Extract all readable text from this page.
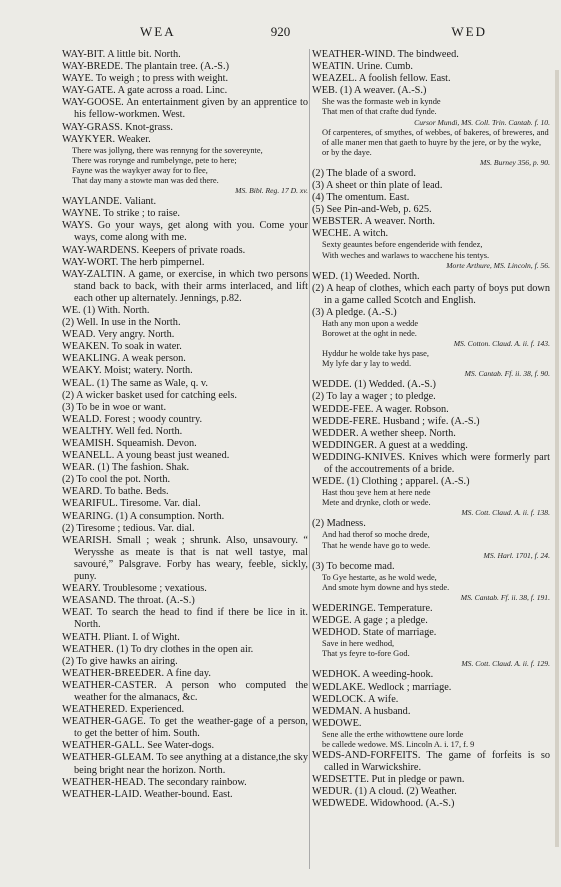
WEA	920	WED
WAY-BIT. A little bit. North.
WAY-BREDE. The plantain tree. (A.-S.)
WAYE. To weigh ; to press with weight.
WAY-GATE. A gate across a road. Linc.
WAY-GOOSE. An entertainment given by an apprentice to his fellow-workmen. West.
WAY-GRASS. Knot-grass.
WAYKYER. Weaker.
There was jollyng, there was rennyng for the sovereynte,
There was rorynge and rumbelynge, pete to here;
Fayne was the waykyer away for to flee,
That day many a stowte man was ded there.
MS. Bibl. Reg. 17 D. xv.
WAYLANDE. Valiant.
WAYNE. To strike ; to raise.
WAYS. Go your ways, get along with you. Come your ways, come along with me.
WAY-WARDENS. Keepers of private roads.
WAY-WORT. The herb pimpernel.
WAY-ZALTIN. A game, or exercise, in which two persons stand back to back, with their arms interlaced, and lift each other up alternately. Jennings, p.82.
WE. (1) With. North.
(2) Well. In use in the North.
WEAD. Very angry. North.
WEAKEN. To soak in water.
WEAKLING. A weak person.
WEAKY. Moist; watery. North.
WEAL. (1) The same as Wale, q. v.
(2) A wicker basket used for catching eels.
(3) To be in woe or want.
WEALD. Forest ; woody country.
WEALTHY. Well fed. North.
WEAMISH. Squeamish. Devon.
WEANELL. A young beast just weaned.
WEAR. (1) The fashion. Shak.
(2) To cool the pot. North.
WEARD. To bathe. Beds.
WEARIFUL. Tiresome. Var. dial.
WEARING. (1) A consumption. North.
(2) Tiresome ; tedious. Var. dial.
WEARISH. Small ; weak ; shrunk. Also, unsavoury. “ Werysshe as meate is that is nat well tastye, mal savouré,” Palsgrave. Forby has weary, feeble, sickly, puny.
WEARY. Troublesome ; vexatious.
WEASAND. The throat. (A.-S.)
WEAT. To search the head to find if there be lice in it. North.
WEATH. Pliant. I. of Wight.
WEATHER. (1) To dry clothes in the open air.
(2) To give hawks an airing.
WEATHER-BREEDER. A fine day.
WEATHER-CASTER. A person who computed the weather for the almanacs, &c.
WEATHERED. Experienced.
WEATHER-GAGE. To get the weather-gage of a person, to get the better of him. South.
WEATHER-GALL. See Water-dogs.
WEATHER-GLEAM. To see anything at a distance,the sky being bright near the horizon. North.
WEATHER-HEAD. The secondary rainbow.
WEATHER-LAID. Weather-bound. East.
WEATHER-WIND. The bindweed.
WEATIN. Urine. Cumb.
WEAZEL. A foolish fellow. East.
WEB. (1) A weaver. (A.-S.)
She was the formaste web in kynde
That men of that crafte dud fynde.
Cursor Mundi, MS. Coll. Trin. Cantab. f. 10.
Of carpenteres, of smythes, of webbes, of bakeres, of breweres, and of alle maner men that gaeth to huyre by the jere, or by the wyke, or by the daye.
MS. Burney 356, p. 90.
(2) The blade of a sword.
(3) A sheet or thin plate of lead.
(4) The omentum. East.
(5) See Pin-and-Web, p. 625.
WEBSTER. A weaver. North.
WECHE. A witch.
Sexty geauntes before engenderide with fendez,
With weches and warlaws to wacchene his tentys.
Morte Arthure, MS. Lincoln, f. 56.
WED. (1) Weeded. North.
(2) A heap of clothes, which each party of boys put down in a game called Scotch and English.
(3) A pledge. (A.-S.)
Hath any mon upon a wedde
Borowet at the oght in nede.
MS. Cotton. Claud. A. ii. f. 143.
Hyddur he wolde take hys pase,
My lyfe dar y lay to wedd.
MS. Cantab. Ff. ii. 38, f. 90.
WEDDE. (1) Wedded. (A.-S.)
(2) To lay a wager ; to pledge.
WEDDE-FEE. A wager. Robson.
WEDDE-FERE. Husband ; wife. (A.-S.)
WEDDER. A wether sheep. North.
WEDDINGER. A guest at a wedding.
WEDDING-KNIVES. Knives which were formerly part of the accoutrements of a bride.
WEDE. (1) Clothing ; apparel. (A.-S.)
Hast thou ȝeve hem at here nede
Mete and drynke, cloth or wede.
MS. Cott. Claud. A. ii. f. 138.
(2) Madness.
And had therof so moche drede,
That he wende have go to wede.
MS. Harl. 1701, f. 24.
(3) To become mad.
To Gye hestarte, as he wold wede,
And smote hym downe and hys stede.
MS. Cantab. Ff. ii. 38, f. 191.
WEDERINGE. Temperature.
WEDGE. A gage ; a pledge.
WEDHOD. State of marriage.
Save in here wedhod,
That ys feyre to-fore God.
MS. Cott. Claud. A. ii. f. 129.
WEDHOK. A weeding-hook.
WEDLAKE. Wedlock ; marriage.
WEDLOCK. A wife.
WEDMAN. A husband.
WEDOWE.
Sene alle the erthe withowttene oure lorde
be callede wedowe. MS. Lincoln A. i. 17, f. 9
WEDS-AND-FORFEITS. The game of forfeits is so called in Warwickshire.
WEDSETTE. Put in pledge or pawn.
WEDUR. (1) A cloud. (2) Weather.
WEDWEDE. Widowhood. (A.-S.)
